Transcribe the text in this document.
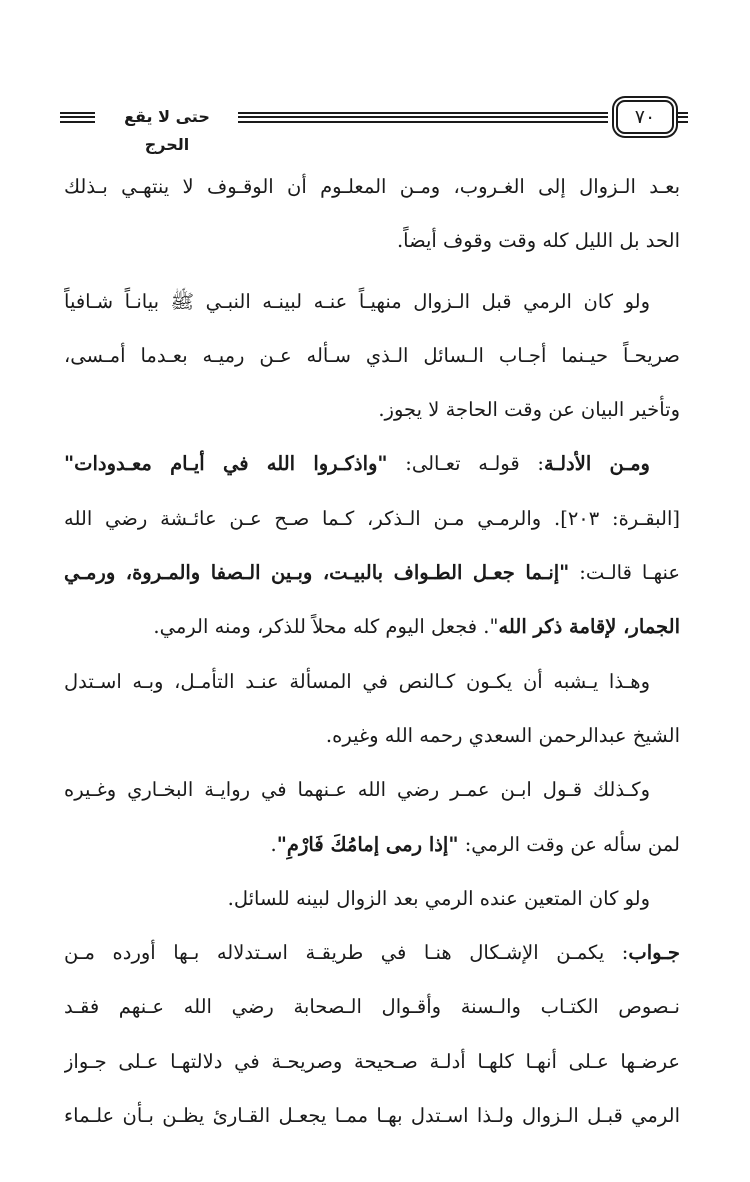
حتى لا يقع الحرج
٧٠
بعـد الـزوال إلى الغـروب، ومـن المعلـوم أن الوقـوف لا ينتهـي بـذلك
الحد بل الليل كله وقت وقوف أيضاً.
ولو كان الرمي قبل الـزوال منهيـاً عنـه لبينـه النبـي ﷺ بيانـاً شـافياً
صريحـاً حيـنما أجـاب الـسائل الـذي سـأله عـن رميـه بعـدما أمـسى،
وتأخير البيان عن وقت الحاجة لا يجوز.
ومـن الأدلـة: قولـه تعـالى: "واذكـروا الله في أيـام معـدودات"
[البقـرة: ٢٠٣]. والرمـي مـن الـذكر، كـما صـح عـن عائـشة رضي الله
عنهـا قالـت: "إنـما جعـل الطـواف بالبيـت، وبـين الـصفا والمـروة، ورمـي
الجمار، لإقامة ذكر الله". فجعل اليوم كله محلاً للذكر، ومنه الرمي.
وهـذا يـشبه أن يكـون كـالنص في المسألة عنـد التأمـل، وبـه اسـتدل
الشيخ عبدالرحمن السعدي رحمه الله وغيره.
وكـذلك قـول ابـن عمـر رضي الله عـنهما في روايـة البخـاري وغـيره
لمن سأله عن وقت الرمي: "إذا رمى إمامُكَ فَارْمِ".
ولو كان المتعين عنده الرمي بعد الزوال لبينه للسائل.
جـواب: يكمـن الإشـكال هنـا في طريقـة اسـتدلاله بـها أورده مـن
نـصوص الكتـاب والـسنة وأقـوال الـصحابة رضي الله عـنهم فقـد
عرضـها عـلى أنهـا كلهـا أدلـة صـحيحة وصريحـة في دلالتهـا عـلى جـواز
الرمي قبـل الـزوال ولـذا اسـتدل بهـا ممـا يجعـل القـارئ يظـن بـأن علـماء
